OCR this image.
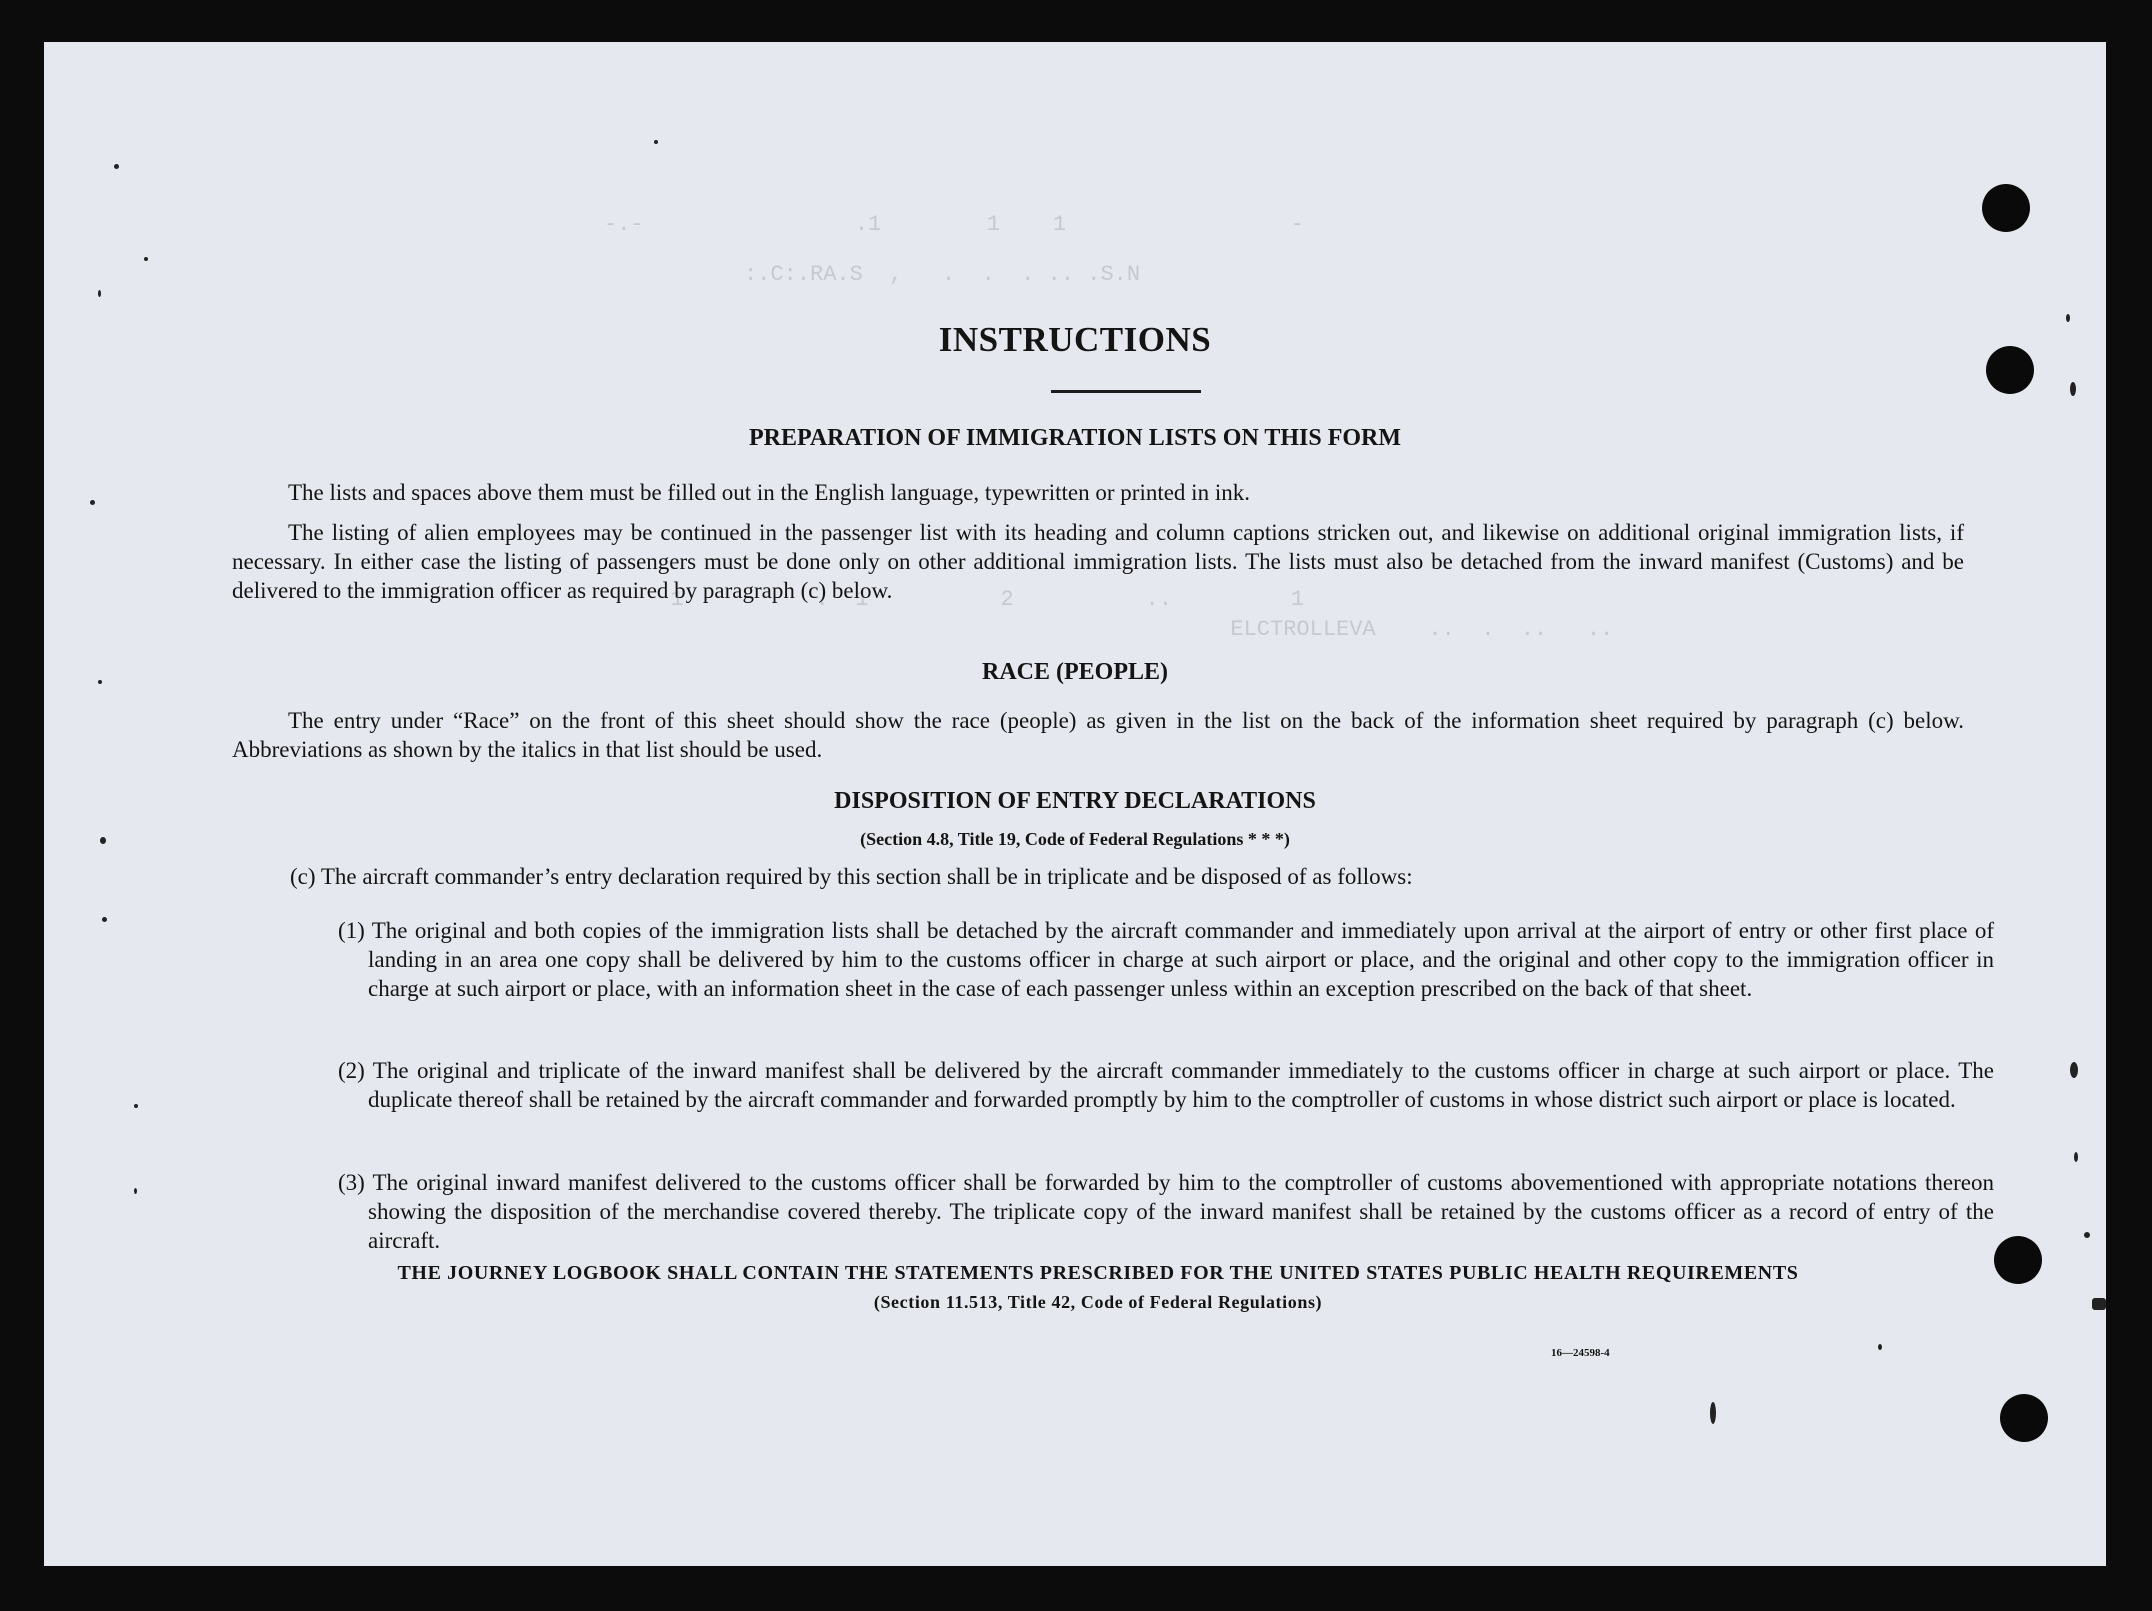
-.-                .1        1    1                 -
:.C:.RA.S  ,   .  .  . .. .S.N
1          .  1          2          ..         1
ELCTROLLEVA    ..  .  ..   ..
INSTRUCTIONS
PREPARATION OF IMMIGRATION LISTS ON THIS FORM

The lists and spaces above them must be filled out in the English language, typewritten or printed in ink.

The listing of alien employees may be continued in the passenger list with its heading and column captions stricken out, and likewise on additional original immigration lists, if necessary. In either case the listing of passengers must be done only on other additional immigration lists. The lists must also be detached from the inward manifest (Customs) and be delivered to the immigration officer as required by paragraph (c) below.

RACE (PEOPLE)

The entry under “Race” on the front of this sheet should show the race (people) as given in the list on the back of the information sheet required by paragraph (c) below. Abbreviations as shown by the italics in that list should be used.

DISPOSITION OF ENTRY DECLARATIONS
(Section 4.8, Title 19, Code of Federal Regulations * * *)

(c) The aircraft commander’s entry declaration required by this section shall be in triplicate and be disposed of as follows:

(1) The original and both copies of the immigration lists shall be detached by the aircraft commander and immediately upon arrival at the airport of entry or other first place of landing in an area one copy shall be delivered by him to the customs officer in charge at such airport or place, and the original and other copy to the immigration officer in charge at such airport or place, with an information sheet in the case of each passenger unless within an exception prescribed on the back of that sheet.

(2) The original and triplicate of the inward manifest shall be delivered by the aircraft commander immediately to the customs officer in charge at such airport or place. The duplicate thereof shall be retained by the aircraft commander and forwarded promptly by him to the comptroller of customs in whose district such airport or place is located.

(3) The original inward manifest delivered to the customs officer shall be forwarded by him to the comptroller of customs abovementioned with appropriate notations thereon showing the disposition of the merchandise covered thereby. The triplicate copy of the inward manifest shall be retained by the customs officer as a record of entry of the aircraft.

THE JOURNEY LOGBOOK SHALL CONTAIN THE STATEMENTS PRESCRIBED FOR THE UNITED STATES PUBLIC HEALTH REQUIREMENTS
(Section 11.513, Title 42, Code of Federal Regulations)
16—24598-4
